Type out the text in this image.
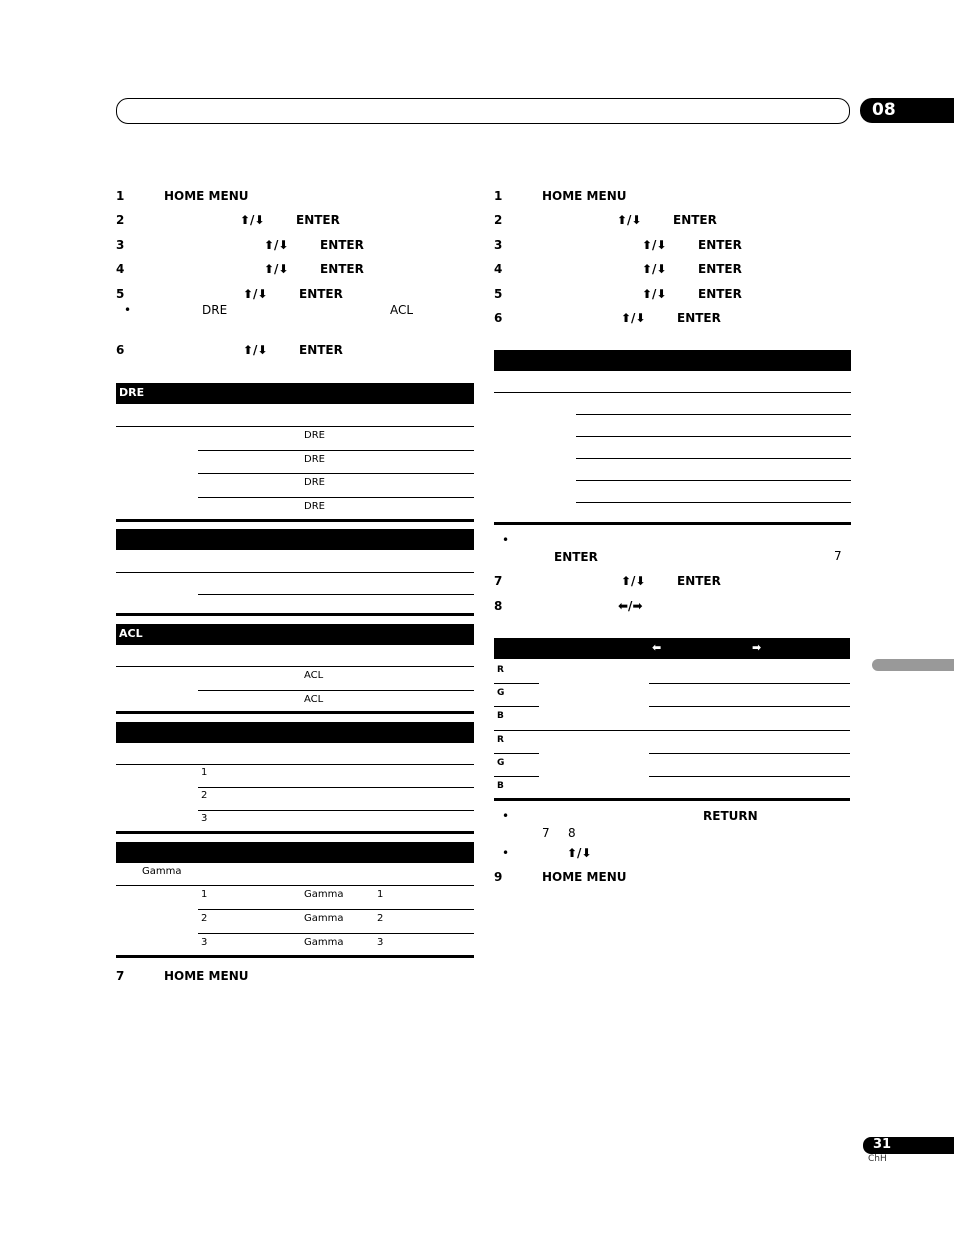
08
1	HOME MENU
2	⬆/⬇	ENTER
3	⬆/⬇	ENTER
4	⬆/⬇	ENTER
5	⬆/⬇	ENTER
•	DRE	ACL
6	⬆/⬇	ENTER
DRE
DRE
DRE
DRE
DRE
ACL
ACL
ACL
1
2
3
Gamma
1	Gamma	1
2	Gamma	2
3	Gamma	3
7	HOME MENU
1	HOME MENU
2	⬆/⬇	ENTER
3	⬆/⬇	ENTER
4	⬆/⬇	ENTER
5	⬆/⬇	ENTER
6	⬆/⬇	ENTER
•
ENTER	7
7	⬆/⬇	ENTER
8	⬅/➡
⬅	➡
R
G
B
R
G
B
•	RETURN
7 8
•	⬆/⬇
9	HOME MENU
31
ChH
